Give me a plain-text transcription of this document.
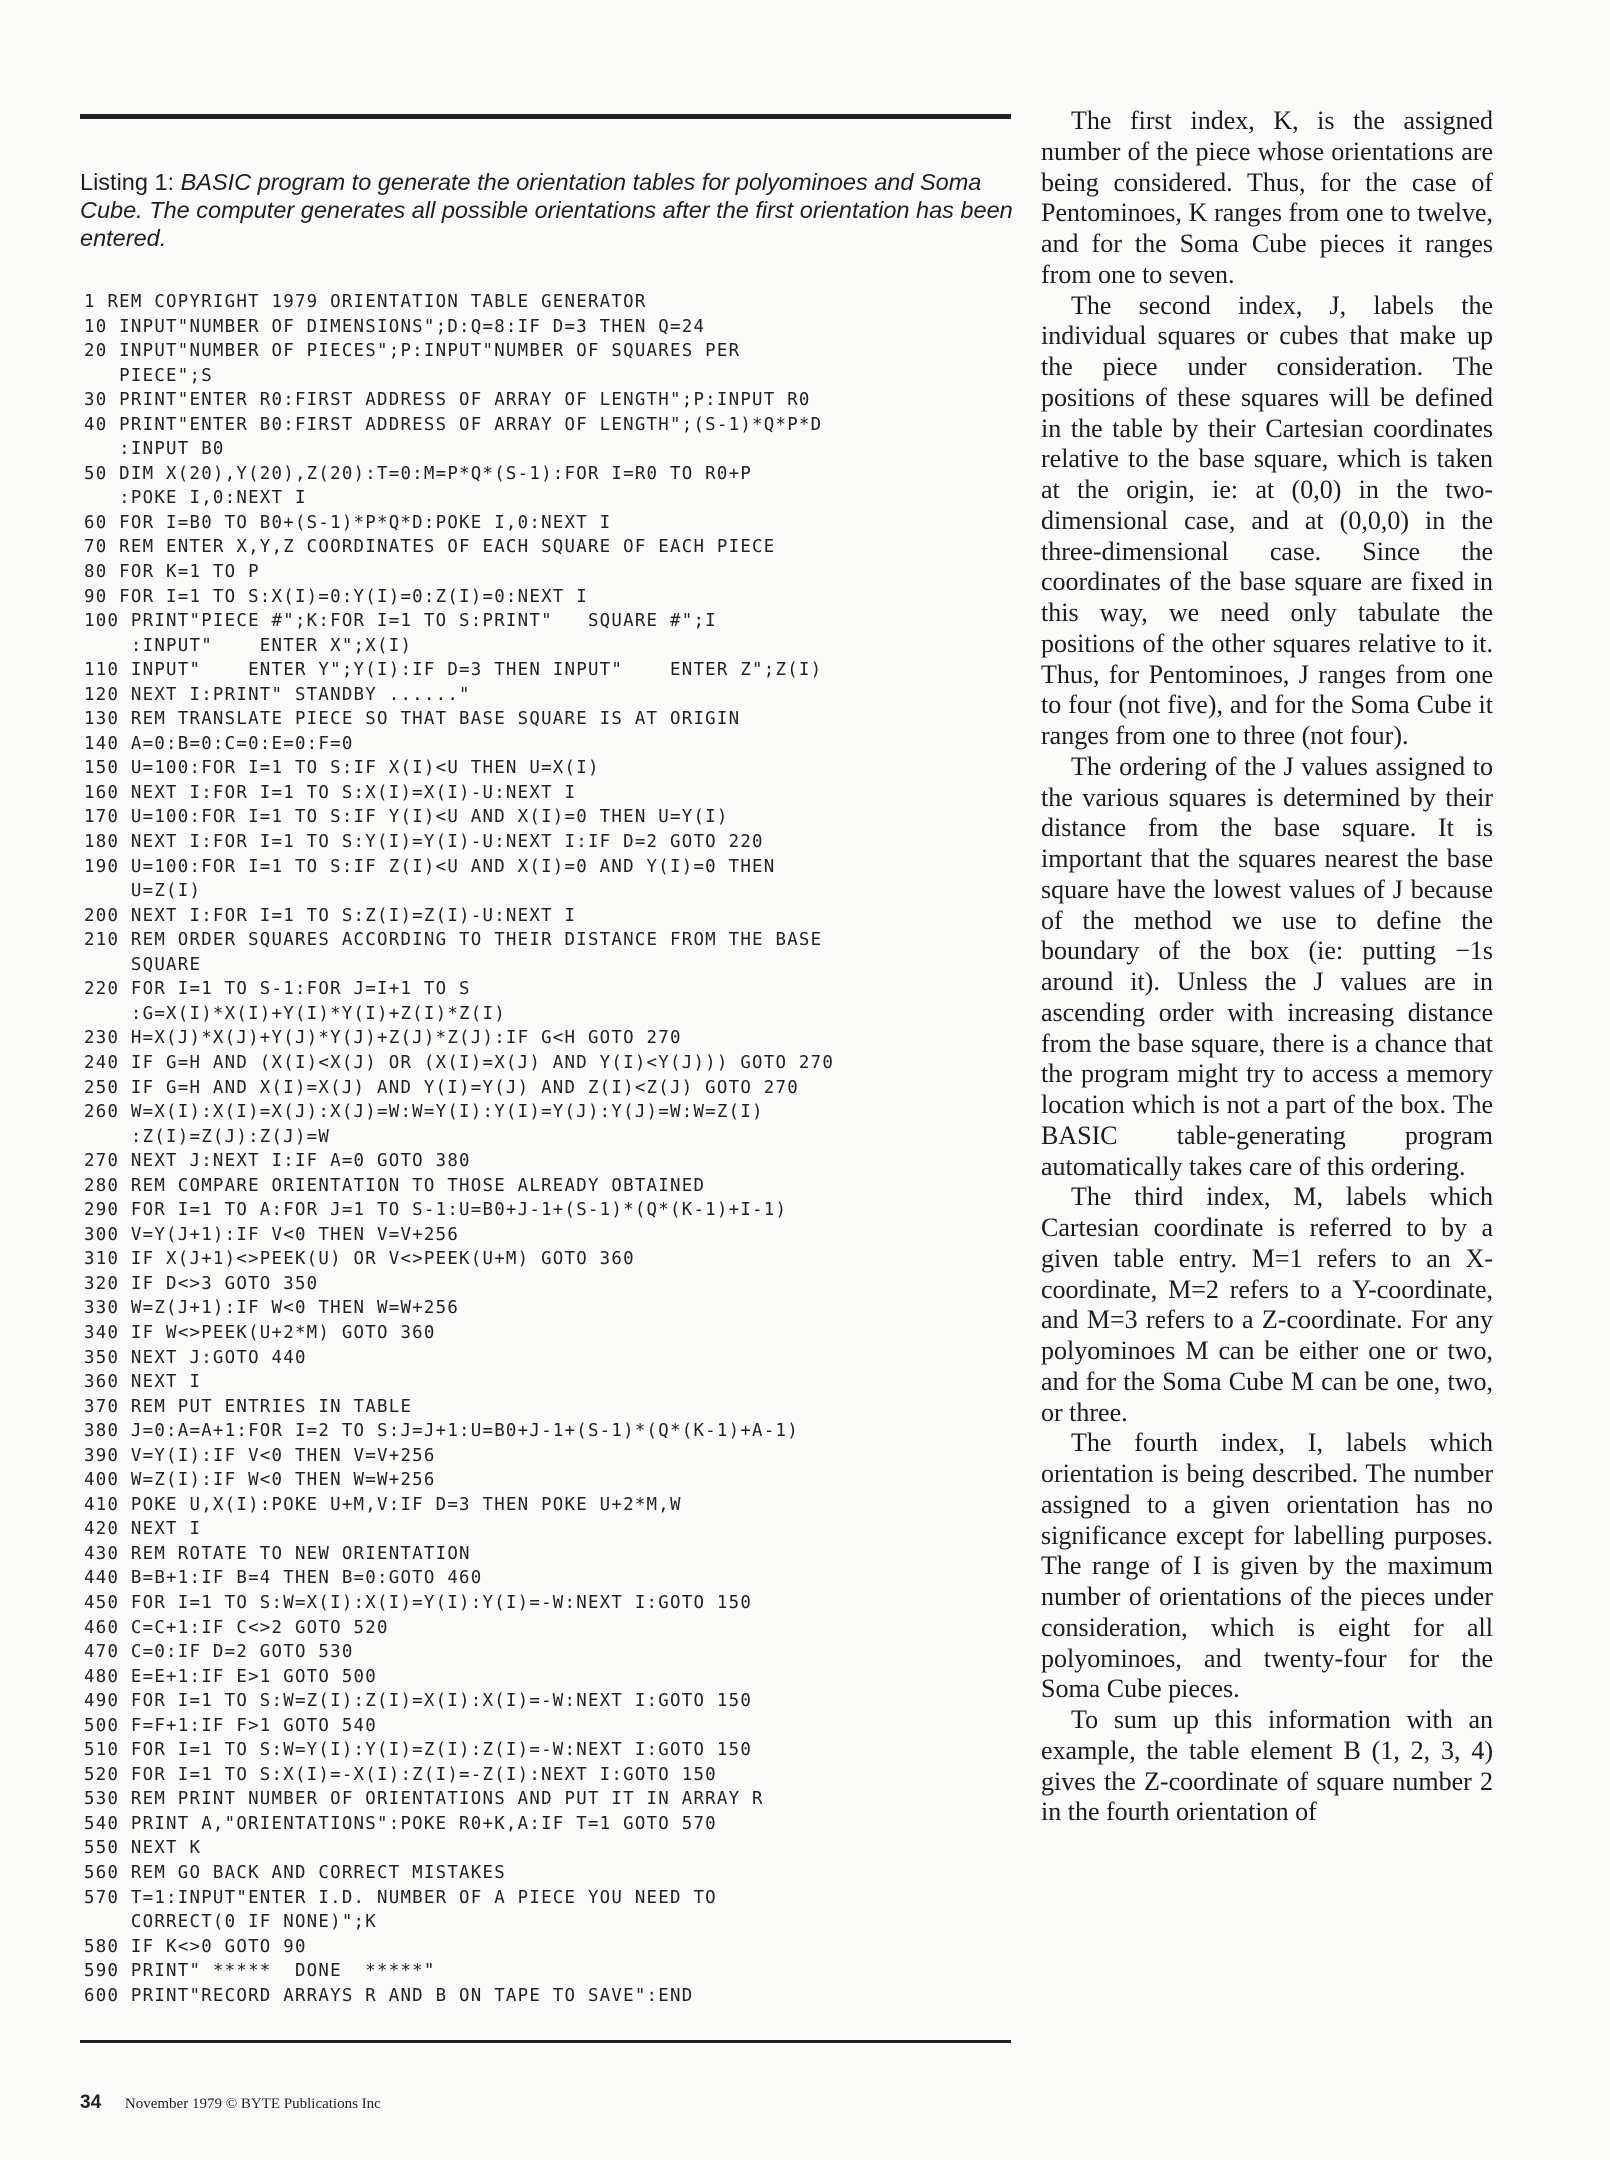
Listing 1: BASIC program to generate the orientation tables for polyominoes and Soma Cube. The computer generates all possible orientations after the first orientation has been entered.
1 REM COPYRIGHT 1979 ORIENTATION TABLE GENERATOR
10 INPUT"NUMBER OF DIMENSIONS";D:Q=8:IF D=3 THEN Q=24
20 INPUT"NUMBER OF PIECES";P:INPUT"NUMBER OF SQUARES PER
PIECE";S
30 PRINT"ENTER R0:FIRST ADDRESS OF ARRAY OF LENGTH";P:INPUT R0
40 PRINT"ENTER B0:FIRST ADDRESS OF ARRAY OF LENGTH";(S-1)*Q*P*D
:INPUT B0
50 DIM X(20),Y(20),Z(20):T=0:M=P*Q*(S-1):FOR I=R0 TO R0+P
:POKE I,0:NEXT I
60 FOR I=B0 TO B0+(S-1)*P*Q*D:POKE I,0:NEXT I
70 REM ENTER X,Y,Z COORDINATES OF EACH SQUARE OF EACH PIECE
80 FOR K=1 TO P
90 FOR I=1 TO S:X(I)=0:Y(I)=0:Z(I)=0:NEXT I
100 PRINT"PIECE #";K:FOR I=1 TO S:PRINT"   SQUARE #";I
:INPUT"    ENTER X";X(I)
110 INPUT"    ENTER Y";Y(I):IF D=3 THEN INPUT"    ENTER Z";Z(I)
120 NEXT I:PRINT" STANDBY ......"
130 REM TRANSLATE PIECE SO THAT BASE SQUARE IS AT ORIGIN
140 A=0:B=0:C=0:E=0:F=0
150 U=100:FOR I=1 TO S:IF X(I)<U THEN U=X(I)
160 NEXT I:FOR I=1 TO S:X(I)=X(I)-U:NEXT I
170 U=100:FOR I=1 TO S:IF Y(I)<U AND X(I)=0 THEN U=Y(I)
180 NEXT I:FOR I=1 TO S:Y(I)=Y(I)-U:NEXT I:IF D=2 GOTO 220
190 U=100:FOR I=1 TO S:IF Z(I)<U AND X(I)=0 AND Y(I)=0 THEN
U=Z(I)
200 NEXT I:FOR I=1 TO S:Z(I)=Z(I)-U:NEXT I
210 REM ORDER SQUARES ACCORDING TO THEIR DISTANCE FROM THE BASE
SQUARE
220 FOR I=1 TO S-1:FOR J=I+1 TO S
:G=X(I)*X(I)+Y(I)*Y(I)+Z(I)*Z(I)
230 H=X(J)*X(J)+Y(J)*Y(J)+Z(J)*Z(J):IF G<H GOTO 270
240 IF G=H AND (X(I)<X(J) OR (X(I)=X(J) AND Y(I)<Y(J))) GOTO 270
250 IF G=H AND X(I)=X(J) AND Y(I)=Y(J) AND Z(I)<Z(J) GOTO 270
260 W=X(I):X(I)=X(J):X(J)=W:W=Y(I):Y(I)=Y(J):Y(J)=W:W=Z(I)
:Z(I)=Z(J):Z(J)=W
270 NEXT J:NEXT I:IF A=0 GOTO 380
280 REM COMPARE ORIENTATION TO THOSE ALREADY OBTAINED
290 FOR I=1 TO A:FOR J=1 TO S-1:U=B0+J-1+(S-1)*(Q*(K-1)+I-1)
300 V=Y(J+1):IF V<0 THEN V=V+256
310 IF X(J+1)<>PEEK(U) OR V<>PEEK(U+M) GOTO 360
320 IF D<>3 GOTO 350
330 W=Z(J+1):IF W<0 THEN W=W+256
340 IF W<>PEEK(U+2*M) GOTO 360
350 NEXT J:GOTO 440
360 NEXT I
370 REM PUT ENTRIES IN TABLE
380 J=0:A=A+1:FOR I=2 TO S:J=J+1:U=B0+J-1+(S-1)*(Q*(K-1)+A-1)
390 V=Y(I):IF V<0 THEN V=V+256
400 W=Z(I):IF W<0 THEN W=W+256
410 POKE U,X(I):POKE U+M,V:IF D=3 THEN POKE U+2*M,W
420 NEXT I
430 REM ROTATE TO NEW ORIENTATION
440 B=B+1:IF B=4 THEN B=0:GOTO 460
450 FOR I=1 TO S:W=X(I):X(I)=Y(I):Y(I)=-W:NEXT I:GOTO 150
460 C=C+1:IF C<>2 GOTO 520
470 C=0:IF D=2 GOTO 530
480 E=E+1:IF E>1 GOTO 500
490 FOR I=1 TO S:W=Z(I):Z(I)=X(I):X(I)=-W:NEXT I:GOTO 150
500 F=F+1:IF F>1 GOTO 540
510 FOR I=1 TO S:W=Y(I):Y(I)=Z(I):Z(I)=-W:NEXT I:GOTO 150
520 FOR I=1 TO S:X(I)=-X(I):Z(I)=-Z(I):NEXT I:GOTO 150
530 REM PRINT NUMBER OF ORIENTATIONS AND PUT IT IN ARRAY R
540 PRINT A,"ORIENTATIONS":POKE R0+K,A:IF T=1 GOTO 570
550 NEXT K
560 REM GO BACK AND CORRECT MISTAKES
570 T=1:INPUT"ENTER I.D. NUMBER OF A PIECE YOU NEED TO
CORRECT(0 IF NONE)";K
580 IF K<>0 GOTO 90
590 PRINT" *****  DONE  *****"
600 PRINT"RECORD ARRAYS R AND B ON TAPE TO SAVE":END

The first index, K, is the assigned number of the piece whose orientations are being considered. Thus, for the case of Pentominoes, K ranges from one to twelve, and for the Soma Cube pieces it ranges from one to seven.

The second index, J, labels the individual squares or cubes that make up the piece under consideration. The positions of these squares will be defined in the table by their Cartesian coordinates relative to the base square, which is taken at the origin, ie: at (0,0) in the two-dimensional case, and at (0,0,0) in the three-dimensional case. Since the coordinates of the base square are fixed in this way, we need only tabulate the positions of the other squares relative to it. Thus, for Pentominoes, J ranges from one to four (not five), and for the Soma Cube it ranges from one to three (not four).

The ordering of the J values assigned to the various squares is determined by their distance from the base square. It is important that the squares nearest the base square have the lowest values of J because of the method we use to define the boundary of the box (ie: putting −1s around it). Unless the J values are in ascending order with increasing distance from the base square, there is a chance that the program might try to access a memory location which is not a part of the box. The BASIC table-generating program automatically takes care of this ordering.

The third index, M, labels which Cartesian coordinate is referred to by a given table entry. M=1 refers to an X-coordinate, M=2 refers to a Y-coordinate, and M=3 refers to a Z-coordinate. For any polyominoes M can be either one or two, and for the Soma Cube M can be one, two, or three.

The fourth index, I, labels which orientation is being described. The number assigned to a given orientation has no significance except for labelling purposes. The range of I is given by the maximum number of orientations of the pieces under consideration, which is eight for all polyominoes, and twenty-four for the Soma Cube pieces.

To sum up this information with an example, the table element B (1, 2, 3, 4) gives the Z-coordinate of square number 2 in the fourth orientation of

34 November 1979 © BYTE Publications Inc
